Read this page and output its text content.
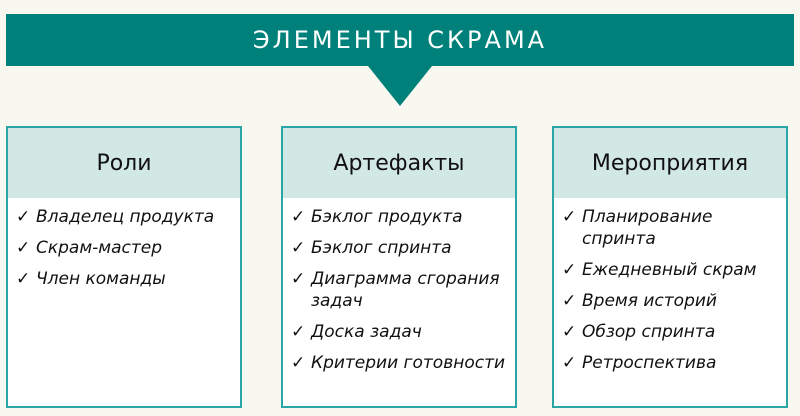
ЭЛЕМЕНТЫ СКРАМА
Роли
✓ Владелец продукта
✓ Скрам-мастер
✓ Член команды
Артефакты
✓ Бэклог продукта
✓ Бэклог спринта
✓ Диаграмма сгорания задач
✓ Доска задач
✓ Критерии готовности
Мероприятия
✓ Планирование спринта
✓ Ежедневный скрам
✓ Время историй
✓ Обзор спринта
✓ Ретроспектива
